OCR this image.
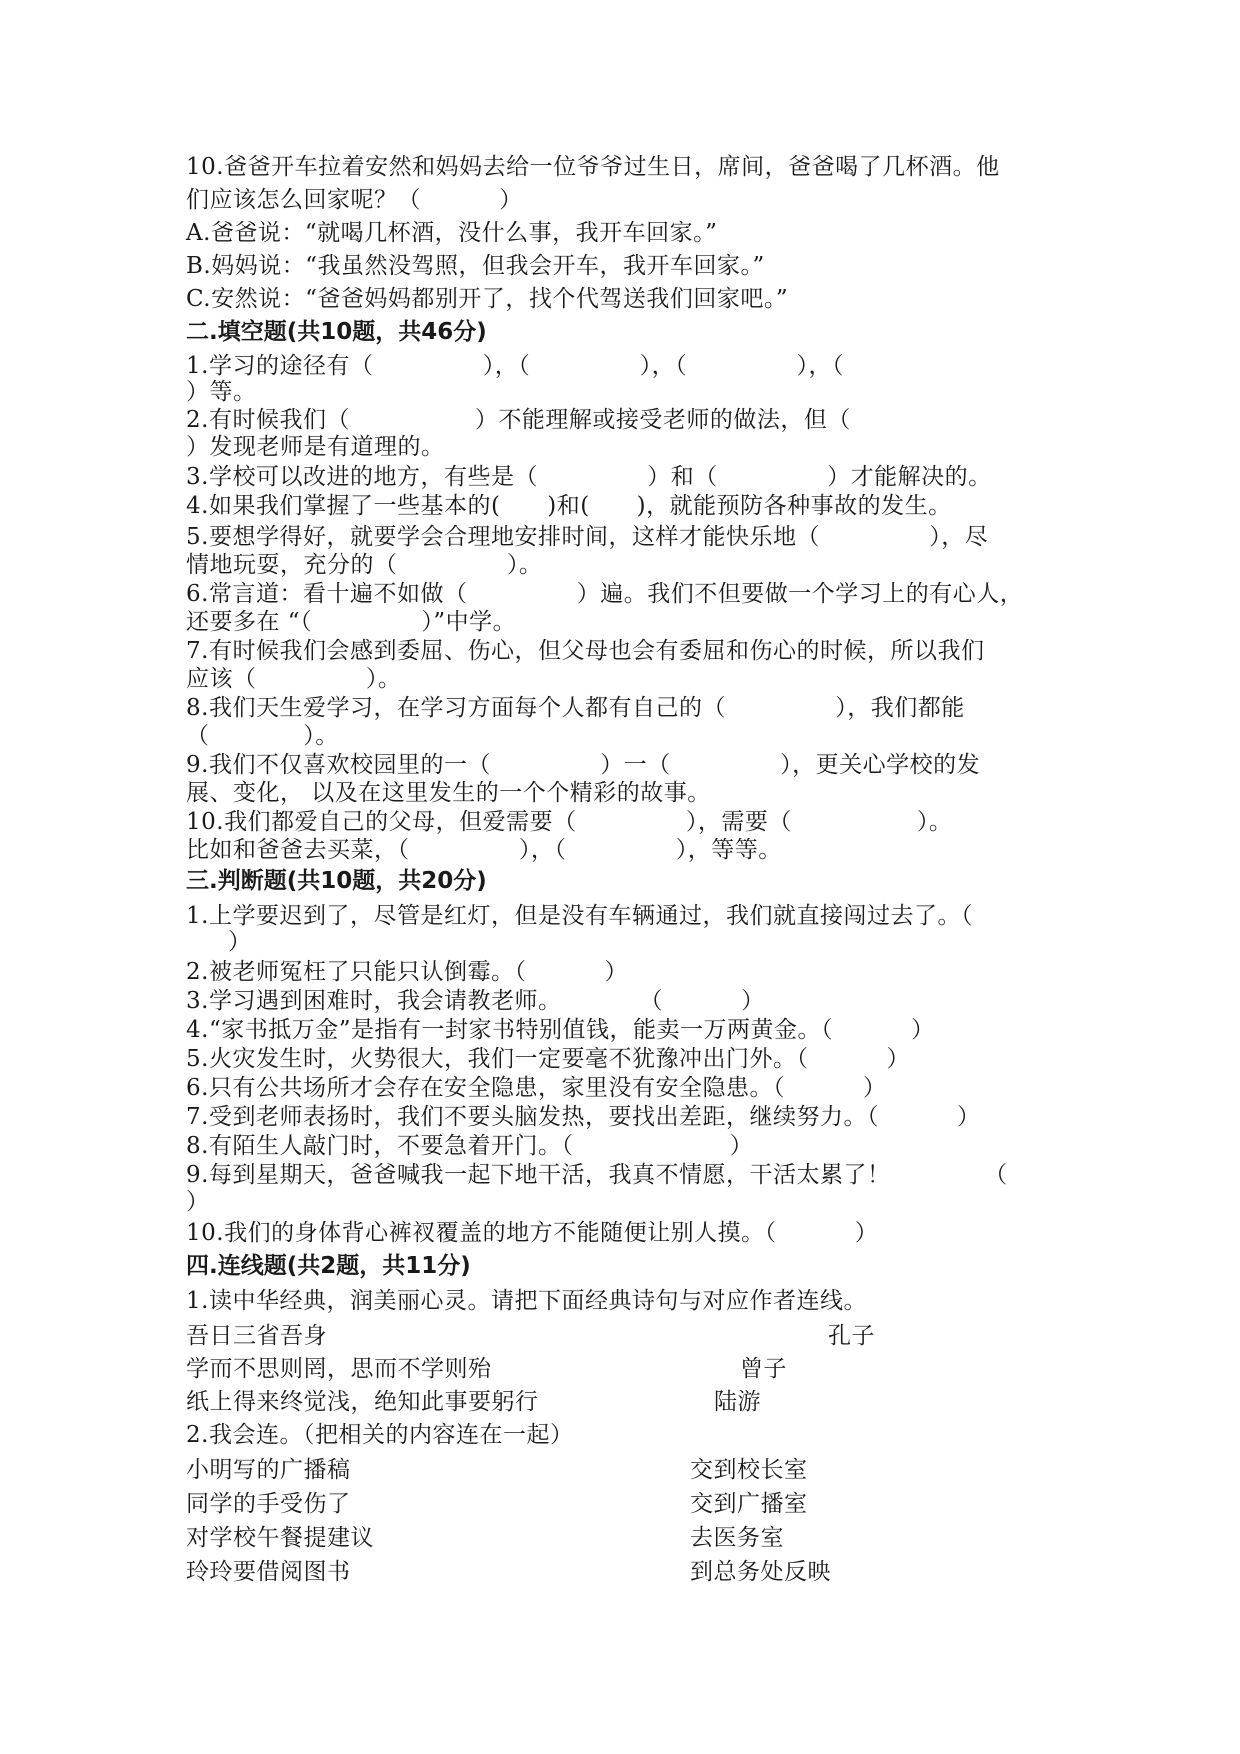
10.爸爸开车拉着安然和妈妈去给一位爷爷过生日，席间，爸爸喝了几杯酒。他
们应该怎么回家呢？（          ）
A.爸爸说：“就喝几杯酒，没什么事，我开车回家。”
B.妈妈说：“我虽然没驾照，但我会开车，我开车回家。”
C.安然说：“爸爸妈妈都别开了，找个代驾送我们回家吧。”
二.填空题(共10题，共46分)
1.学习的途径有（              ），（              ），（              ），（
）等。
2.有时候我们（                ）不能理解或接受老师的做法，但（
）发现老师是有道理的。
3.学校可以改进的地方，有些是（              ）和（              ）才能解决的。
4.如果我们掌握了一些基本的(      )和(      )，就能预防各种事故的发生。
5.要想学得好，就要学会合理地安排时间，这样才能快乐地（              ），尽
情地玩耍，充分的（              ）。
6.常言道：看十遍不如做（              ）遍。我们不但要做一个学习上的有心人，
还要多在 “（              ）”中学。
7.有时候我们会感到委屈、伤心，但父母也会有委屈和伤心的时候，所以我们
应该（              ）。
8.我们天生爱学习，在学习方面每个人都有自己的（              ），我们都能
（            ）。
9.我们不仅喜欢校园里的一（              ）一（              ），更关心学校的发
展、变化， 以及在这里发生的一个个精彩的故事。
10.我们都爱自己的父母，但爱需要（              ），需要（                ）。
比如和爸爸去买菜，（              ），（              ），等等。
三.判断题(共10题，共20分)
1.上学要迟到了，尽管是红灯，但是没有车辆通过，我们就直接闯过去了。（
）
2.被老师冤枉了只能只认倒霉。（          ）
3.学习遇到困难时，我会请教老师。          （          ）
4.“家书抵万金”是指有一封家书特别值钱，能卖一万两黄金。（          ）
5.火灾发生时，火势很大，我们一定要毫不犹豫冲出门外。（          ）
6.只有公共场所才会存在安全隐患，家里没有安全隐患。（          ）
7.受到老师表扬时，我们不要头脑发热，要找出差距，继续努力。（          ）
8.有陌生人敲门时，不要急着开门。（                    ）
9.每到星期天，爸爸喊我一起下地干活，我真不情愿，干活太累了！            （
）
10.我们的身体背心裤衩覆盖的地方不能随便让别人摸。（          ）
四.连线题(共2题，共11分)
1.读中华经典，润美丽心灵。请把下面经典诗句与对应作者连线。
吾日三省吾身	孔子
学而不思则罔，思而不学则殆	曾子
纸上得来终觉浅，绝知此事要躬行	陆游
2.我会连。（把相关的内容连在一起）
小明写的广播稿	交到校长室
同学的手受伤了	交到广播室
对学校午餐提建议	去医务室
玲玲要借阅图书	到总务处反映
